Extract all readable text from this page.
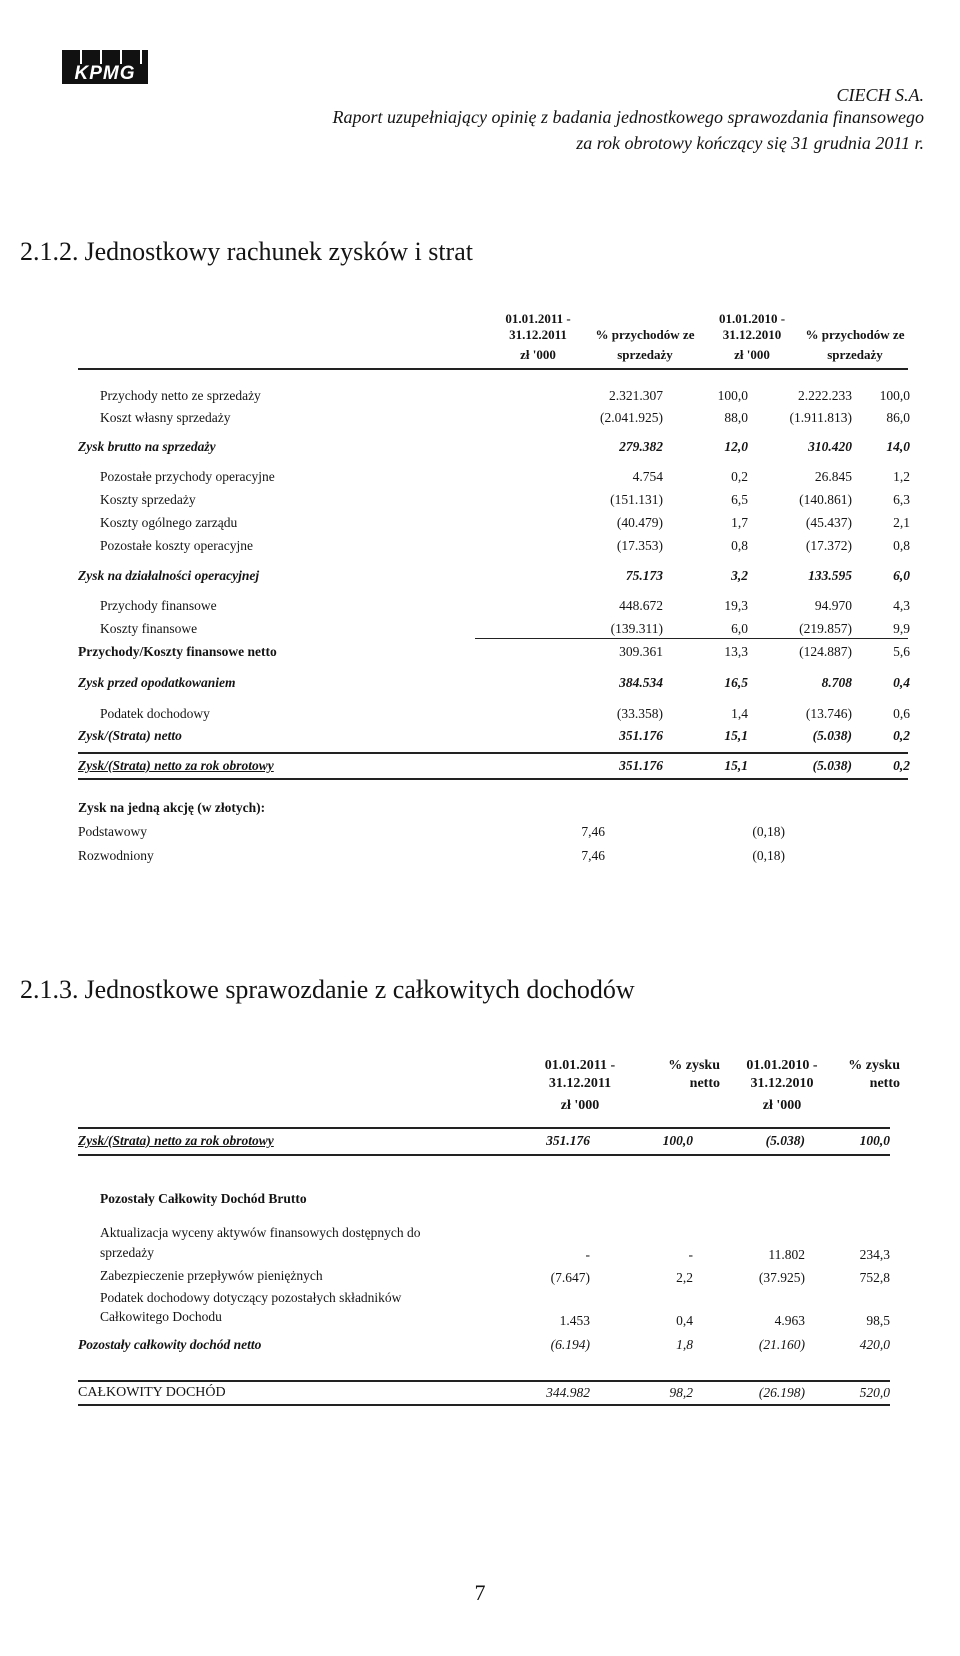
KPMG
CIECH S.A.
Raport uzupełniający opinię z badania jednostkowego sprawozdania finansowego
za rok obrotowy kończący się 31 grudnia 2011 r.
2.1.2. Jednostkowy rachunek zysków i strat
01.01.2011 -
31.12.2011
zł '000
% przychodów ze
sprzedaży
01.01.2010 -
31.12.2010
zł '000
% przychodów ze
sprzedaży
Przychody netto ze sprzedaży	2.321.307	100,0	2.222.233	100,0
Koszt własny sprzedaży	(2.041.925)	88,0	(1.911.813)	86,0
Zysk brutto na sprzedaży	279.382	12,0	310.420	14,0
Pozostałe przychody operacyjne	4.754	0,2	26.845	1,2
Koszty sprzedaży	(151.131)	6,5	(140.861)	6,3
Koszty ogólnego zarządu	(40.479)	1,7	(45.437)	2,1
Pozostałe koszty operacyjne	(17.353)	0,8	(17.372)	0,8
Zysk na działalności operacyjnej	75.173	3,2	133.595	6,0
Przychody finansowe	448.672	19,3	94.970	4,3
Koszty finansowe	(139.311)	6,0	(219.857)	9,9
Przychody/Koszty finansowe netto	309.361	13,3	(124.887)	5,6
Zysk przed opodatkowaniem	384.534	16,5	8.708	0,4
Podatek dochodowy	(33.358)	1,4	(13.746)	0,6
Zysk/(Strata) netto	351.176	15,1	(5.038)	0,2
Zysk/(Strata) netto za rok obrotowy	351.176	15,1	(5.038)	0,2
Zysk na jedną akcję (w złotych):
Podstawowy	7,46	(0,18)
Rozwodniony	7,46	(0,18)
2.1.3. Jednostkowe sprawozdanie z całkowitych dochodów
01.01.2011 -
31.12.2011
zł '000
% zysku
netto
01.01.2010 -
31.12.2010
zł '000
% zysku
netto
Zysk/(Strata) netto za rok obrotowy	351.176	100,0	(5.038)	100,0
Pozostały Całkowity Dochód Brutto
Aktualizacja wyceny aktywów finansowych dostępnych do
sprzedaży	-	-	11.802	234,3
Zabezpieczenie przepływów pieniężnych	(7.647)	2,2	(37.925)	752,8
Podatek dochodowy dotyczący pozostałych składników
Całkowitego Dochodu	1.453	0,4	4.963	98,5
Pozostały całkowity dochód netto	(6.194)	1,8	(21.160)	420,0
CAŁKOWITY DOCHÓD	344.982	98,2	(26.198)	520,0
7
